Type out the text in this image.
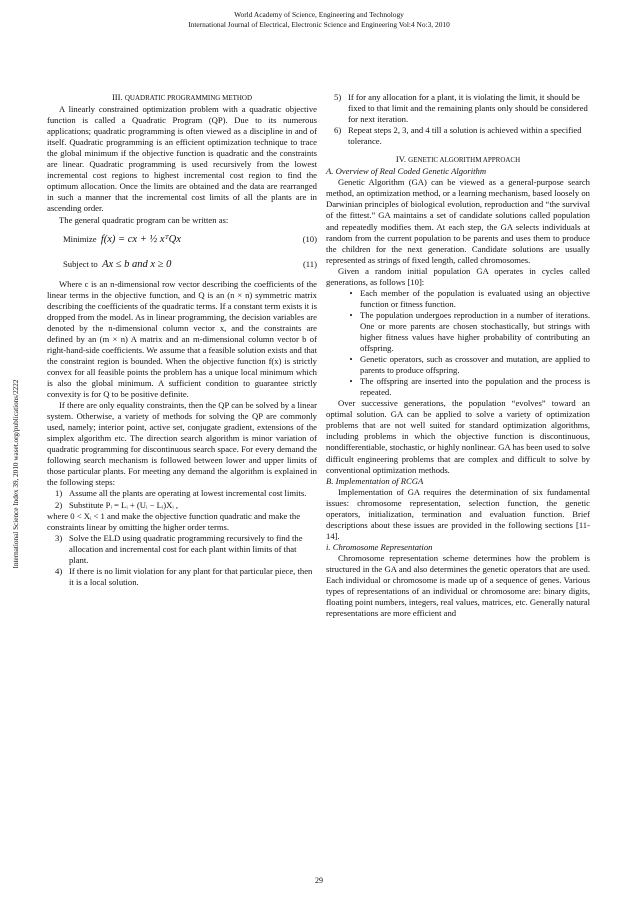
World Academy of Science, Engineering and Technology
International Journal of Electrical, Electronic Science and Engineering Vol:4 No:3, 2010
International Science Index 39, 2010 waset.org/publications/2222

III. QUADRATIC PROGRAMMING METHOD

A linearly constrained optimization problem with a quadratic objective function is called a Quadratic Program (QP). Due to its numerous applications; quadratic programming is often viewed as a discipline in and of itself. Quadratic programming is an efficient optimization technique to trace the global minimum if the objective function is quadratic and the constraints are linear. Quadratic programming is used recursively from the lowest incremental cost regions to highest incremental cost region to find the optimum allocation. Once the limits are obtained and the data are rearranged in such a manner that the incremental cost limits of all the plants are in ascending order.

The general quadratic program can be written as:

Minimize f(x) = cx + ½ xᵀQx	(10)
Subject to Ax ≤ b and x ≥ 0	(11)

Where c is an n-dimensional row vector describing the coefficients of the linear terms in the objective function, and Q is an (n × n) symmetric matrix describing the coefficients of the quadratic terms. If a constant term exists it is dropped from the model. As in linear programming, the decision variables are denoted by the n-dimensional column vector x, and the constraints are defined by an (m × n) A matrix and an m-dimensional column vector b of right-hand-side coefficients. We assume that a feasible solution exists and that the constraint region is bounded. When the objective function f(x) is strictly convex for all feasible points the problem has a unique local minimum which is also the global minimum. A sufficient condition to guarantee strictly convexity is for Q to be positive definite.

If there are only equality constraints, then the QP can be solved by a linear system. Otherwise, a variety of methods for solving the QP are commonly used, namely; interior point, active set, conjugate gradient, extensions of the simplex algorithm etc. The direction search algorithm is minor variation of quadratic programming for discontinuous search space. For every demand the following search mechanism is followed between lower and upper limits of those particular plants. For meeting any demand the algorithm is explained in the following steps:

1) Assume all the plants are operating at lowest incremental cost limits.
2) Substitute Pᵢ = Lᵢ + (Uᵢ − Lᵢ)Xᵢ ,

where 0 < Xᵢ < 1 and make the objective function quadratic and make the constraints linear by omitting the higher order terms.

3) Solve the ELD using quadratic programming recursively to find the allocation and incremental cost for each plant within limits of that plant.
4) If there is no limit violation for any plant for that particular piece, then it is a local solution.
5) If for any allocation for a plant, it is violating the limit, it should be fixed to that limit and the remaining plants only should be considered for next iteration.
6) Repeat steps 2, 3, and 4 till a solution is achieved within a specified tolerance.

IV. GENETIC ALGORITHM APPROACH

A. Overview of Real Coded Genetic Algorithm

Genetic Algorithm (GA) can be viewed as a general-purpose search method, an optimization method, or a learning mechanism, based loosely on Darwinian principles of biological evolution, reproduction and “the survival of the fittest.” GA maintains a set of candidate solutions called population and repeatedly modifies them. At each step, the GA selects individuals at random from the current population to be parents and uses them to produce the children for the next generation. Candidate solutions are usually represented as strings of fixed length, called chromosomes.

Given a random initial population GA operates in cycles called generations, as follows [10]:

• Each member of the population is evaluated using an objective function or fitness function.
• The population undergoes reproduction in a number of iterations. One or more parents are chosen stochastically, but strings with higher fitness values have higher probability of contributing an offspring.
• Genetic operators, such as crossover and mutation, are applied to parents to produce offspring.
• The offspring are inserted into the population and the process is repeated.

Over successive generations, the population “evolves” toward an optimal solution. GA can be applied to solve a variety of optimization problems that are not well suited for standard optimization algorithms, including problems in which the objective function is discontinuous, nondifferentiable, stochastic, or highly nonlinear. GA has been used to solve difficult engineering problems that are complex and difficult to solve by conventional optimization methods.

B. Implementation of RCGA

Implementation of GA requires the determination of six fundamental issues: chromosome representation, selection function, the genetic operators, initialization, termination and evaluation function. Brief descriptions about these issues are provided in the following sections [11-14].

i. Chromosome Representation

Chromosome representation scheme determines how the problem is structured in the GA and also determines the genetic operators that are used. Each individual or chromosome is made up of a sequence of genes. Various types of representations of an individual or chromosome are: binary digits, floating point numbers, integers, real values, matrices, etc. Generally natural representations are more efficient and

29
